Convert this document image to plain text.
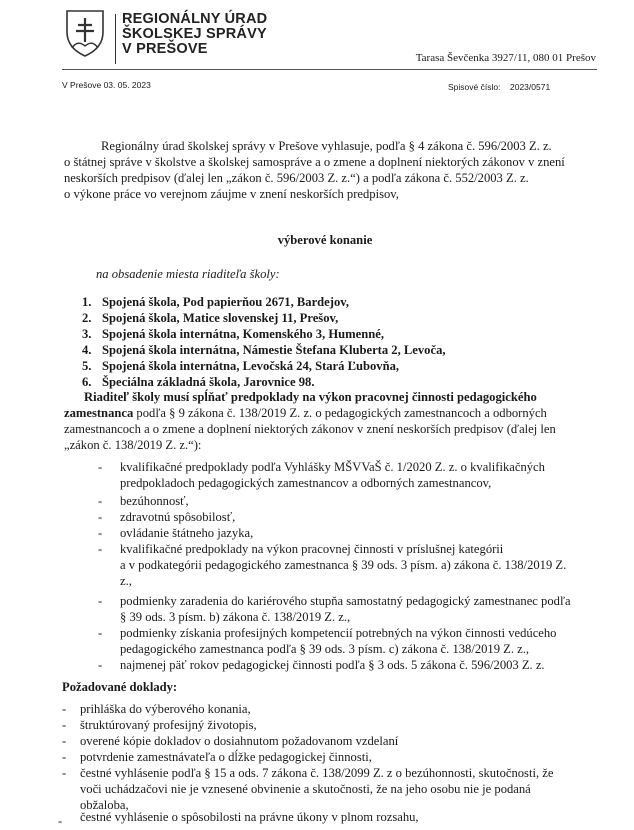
REGIONÁLNY ÚRAD
ŠKOLSKEJ SPRÁVY
V PREŠOVE
Tarasa Ševčenka 3927/11, 080 01 Prešov
V Prešove 03. 05. 2023	Spisové číslo: 2023/0571
Regionálny úrad školskej správy v Prešove vyhlasuje, podľa § 4 zákona č. 596/2003 Z. z.
o štátnej správe v školstve a školskej samospráve a o zmene a doplnení niektorých zákonov v znení
neskorších predpisov (ďalej len „zákon č. 596/2003 Z. z.“) a podľa zákona č. 552/2003 Z. z.
o výkone práce vo verejnom záujme v znení neskorších predpisov,
výberové konanie
na obsadenie miesta riaditeľa školy:
1. Spojená škola, Pod papierňou 2671, Bardejov,
2. Spojená škola, Matice slovenskej 11, Prešov,
3. Spojená škola internátna, Komenského 3, Humenné,
4. Spojená škola internátna, Námestie Štefana Kluberta 2, Levoča,
5. Spojená škola internátna, Levočská 24, Stará Ľubovňa,
6. Špeciálna základná škola, Jarovnice 98.
Riaditeľ školy musí spĺňať predpoklady na výkon pracovnej činnosti pedagogického
zamestnanca podľa § 9 zákona č. 138/2019 Z. z. o pedagogických zamestnancoch a odborných
zamestnancoch a o zmene a doplnení niektorých zákonov v znení neskorších predpisov (ďalej len
„zákon č. 138/2019 Z. z.“):
- kvalifikačné predpoklady podľa Vyhlášky MŠVVaŠ č. 1/2020 Z. z. o kvalifikačných
predpokladoch pedagogických zamestnancov a odborných zamestnancov,
- bezúhonnosť,
- zdravotnú spôsobilosť,
- ovládanie štátneho jazyka,
- kvalifikačné predpoklady na výkon pracovnej činnosti v príslušnej kategórii
a v podkategórii pedagogického zamestnanca § 39 ods. 3 písm. a) zákona č. 138/2019 Z.
z.,
- podmienky zaradenia do kariérového stupňa samostatný pedagogický zamestnanec podľa
§ 39 ods. 3 písm. b) zákona č. 138/2019 Z. z.,
- podmienky získania profesijných kompetencií potrebných na výkon činnosti vedúceho
pedagogického zamestnanca podľa § 39 ods. 3 písm. c) zákona č. 138/2019 Z. z.,
- najmenej päť rokov pedagogickej činnosti podľa § 3 ods. 5 zákona č. 596/2003 Z. z.
Požadované doklady:
- prihláška do výberového konania,
- štruktúrovaný profesijný životopis,
- overené kópie dokladov o dosiahnutom požadovanom vzdelaní
- potvrdenie zamestnávateľa o dĺžke pedagogickej činnosti,
- čestné vyhlásenie podľa § 15 a ods. 7 zákona č. 138/2099 Z. z o bezúhonnosti, skutočnosti, že
voči uchádzačovi nie je vznesené obvinenie a skutočnosti, že na jeho osobu nie je podaná
obžaloba,
- čestné vyhlásenie o spôsobilosti na právne úkony v plnom rozsahu,
